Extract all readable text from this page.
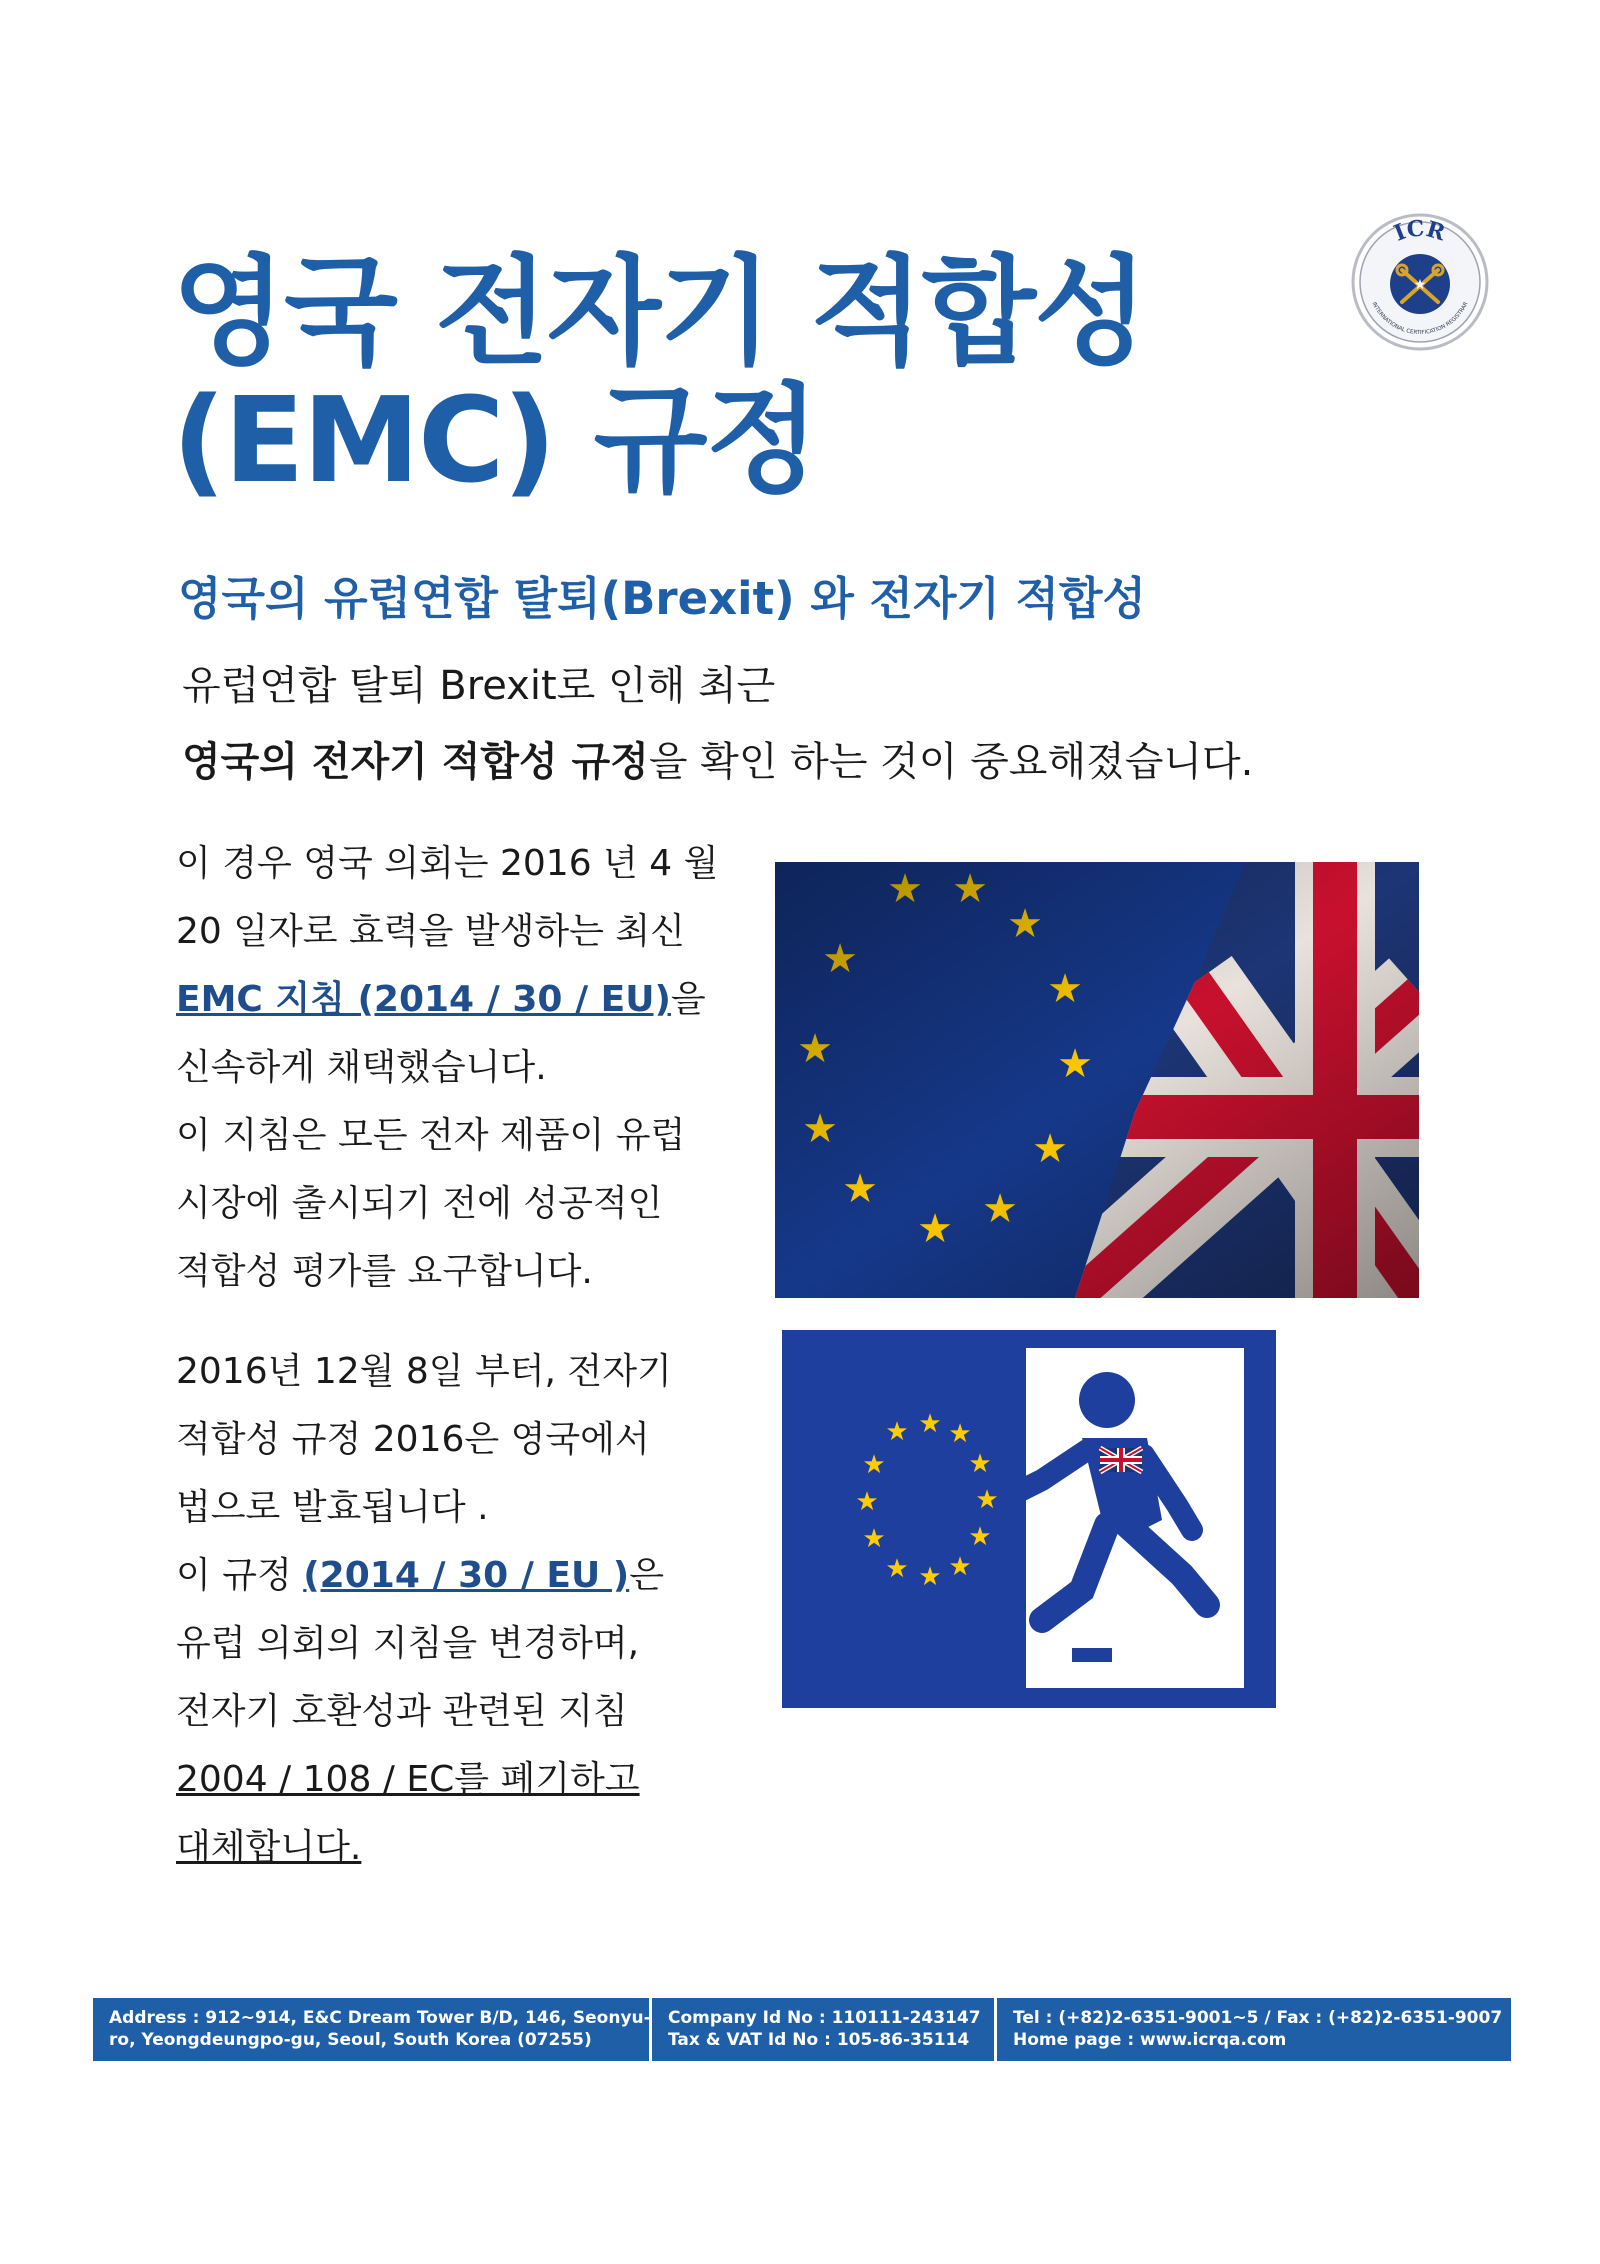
영국 전자기 적합성
(EMC) 규정
★
ICR
INTERNATIONAL CERTIFICATION REGISTRAR
영국의 유럽연합 탈퇴(Brexit) 와 전자기 적합성

유럽연합 탈퇴 Brexit로 인해 최근
영국의 전자기 적합성 규정을 확인 하는 것이 중요해졌습니다.

이 경우 영국 의회는 2016 년 4 월
20 일자로 효력을 발생하는 최신
EMC 지침 (2014 / 30 / EU)을
신속하게 채택했습니다.
이 지침은 모든 전자 제품이 유럽
시장에 출시되기 전에 성공적인
적합성 평가를 요구합니다.

2016년 12월 8일 부터, 전자기
적합성 규정 2016은 영국에서
법으로 발효됩니다 .
이 규정 (2014 / 30 / EU )은
유럽 의회의 지침을 변경하며,
전자기 호환성과 관련된 지침
2004 / 108 / EC를 폐기하고
대체합니다.

★ ★ ★
★
★
★
★
★
★
★
★
★
Address : 912~914, E&C Dream Tower B/D, 146, Seonyu-
ro, Yeongdeungpo-gu, Seoul, South Korea (07255)
Company Id No : 110111-243147
Tax & VAT Id No : 105-86-35114
Tel : (+82)2-6351-9001~5 / Fax : (+82)2-6351-9007
Home page : www.icrqa.com
